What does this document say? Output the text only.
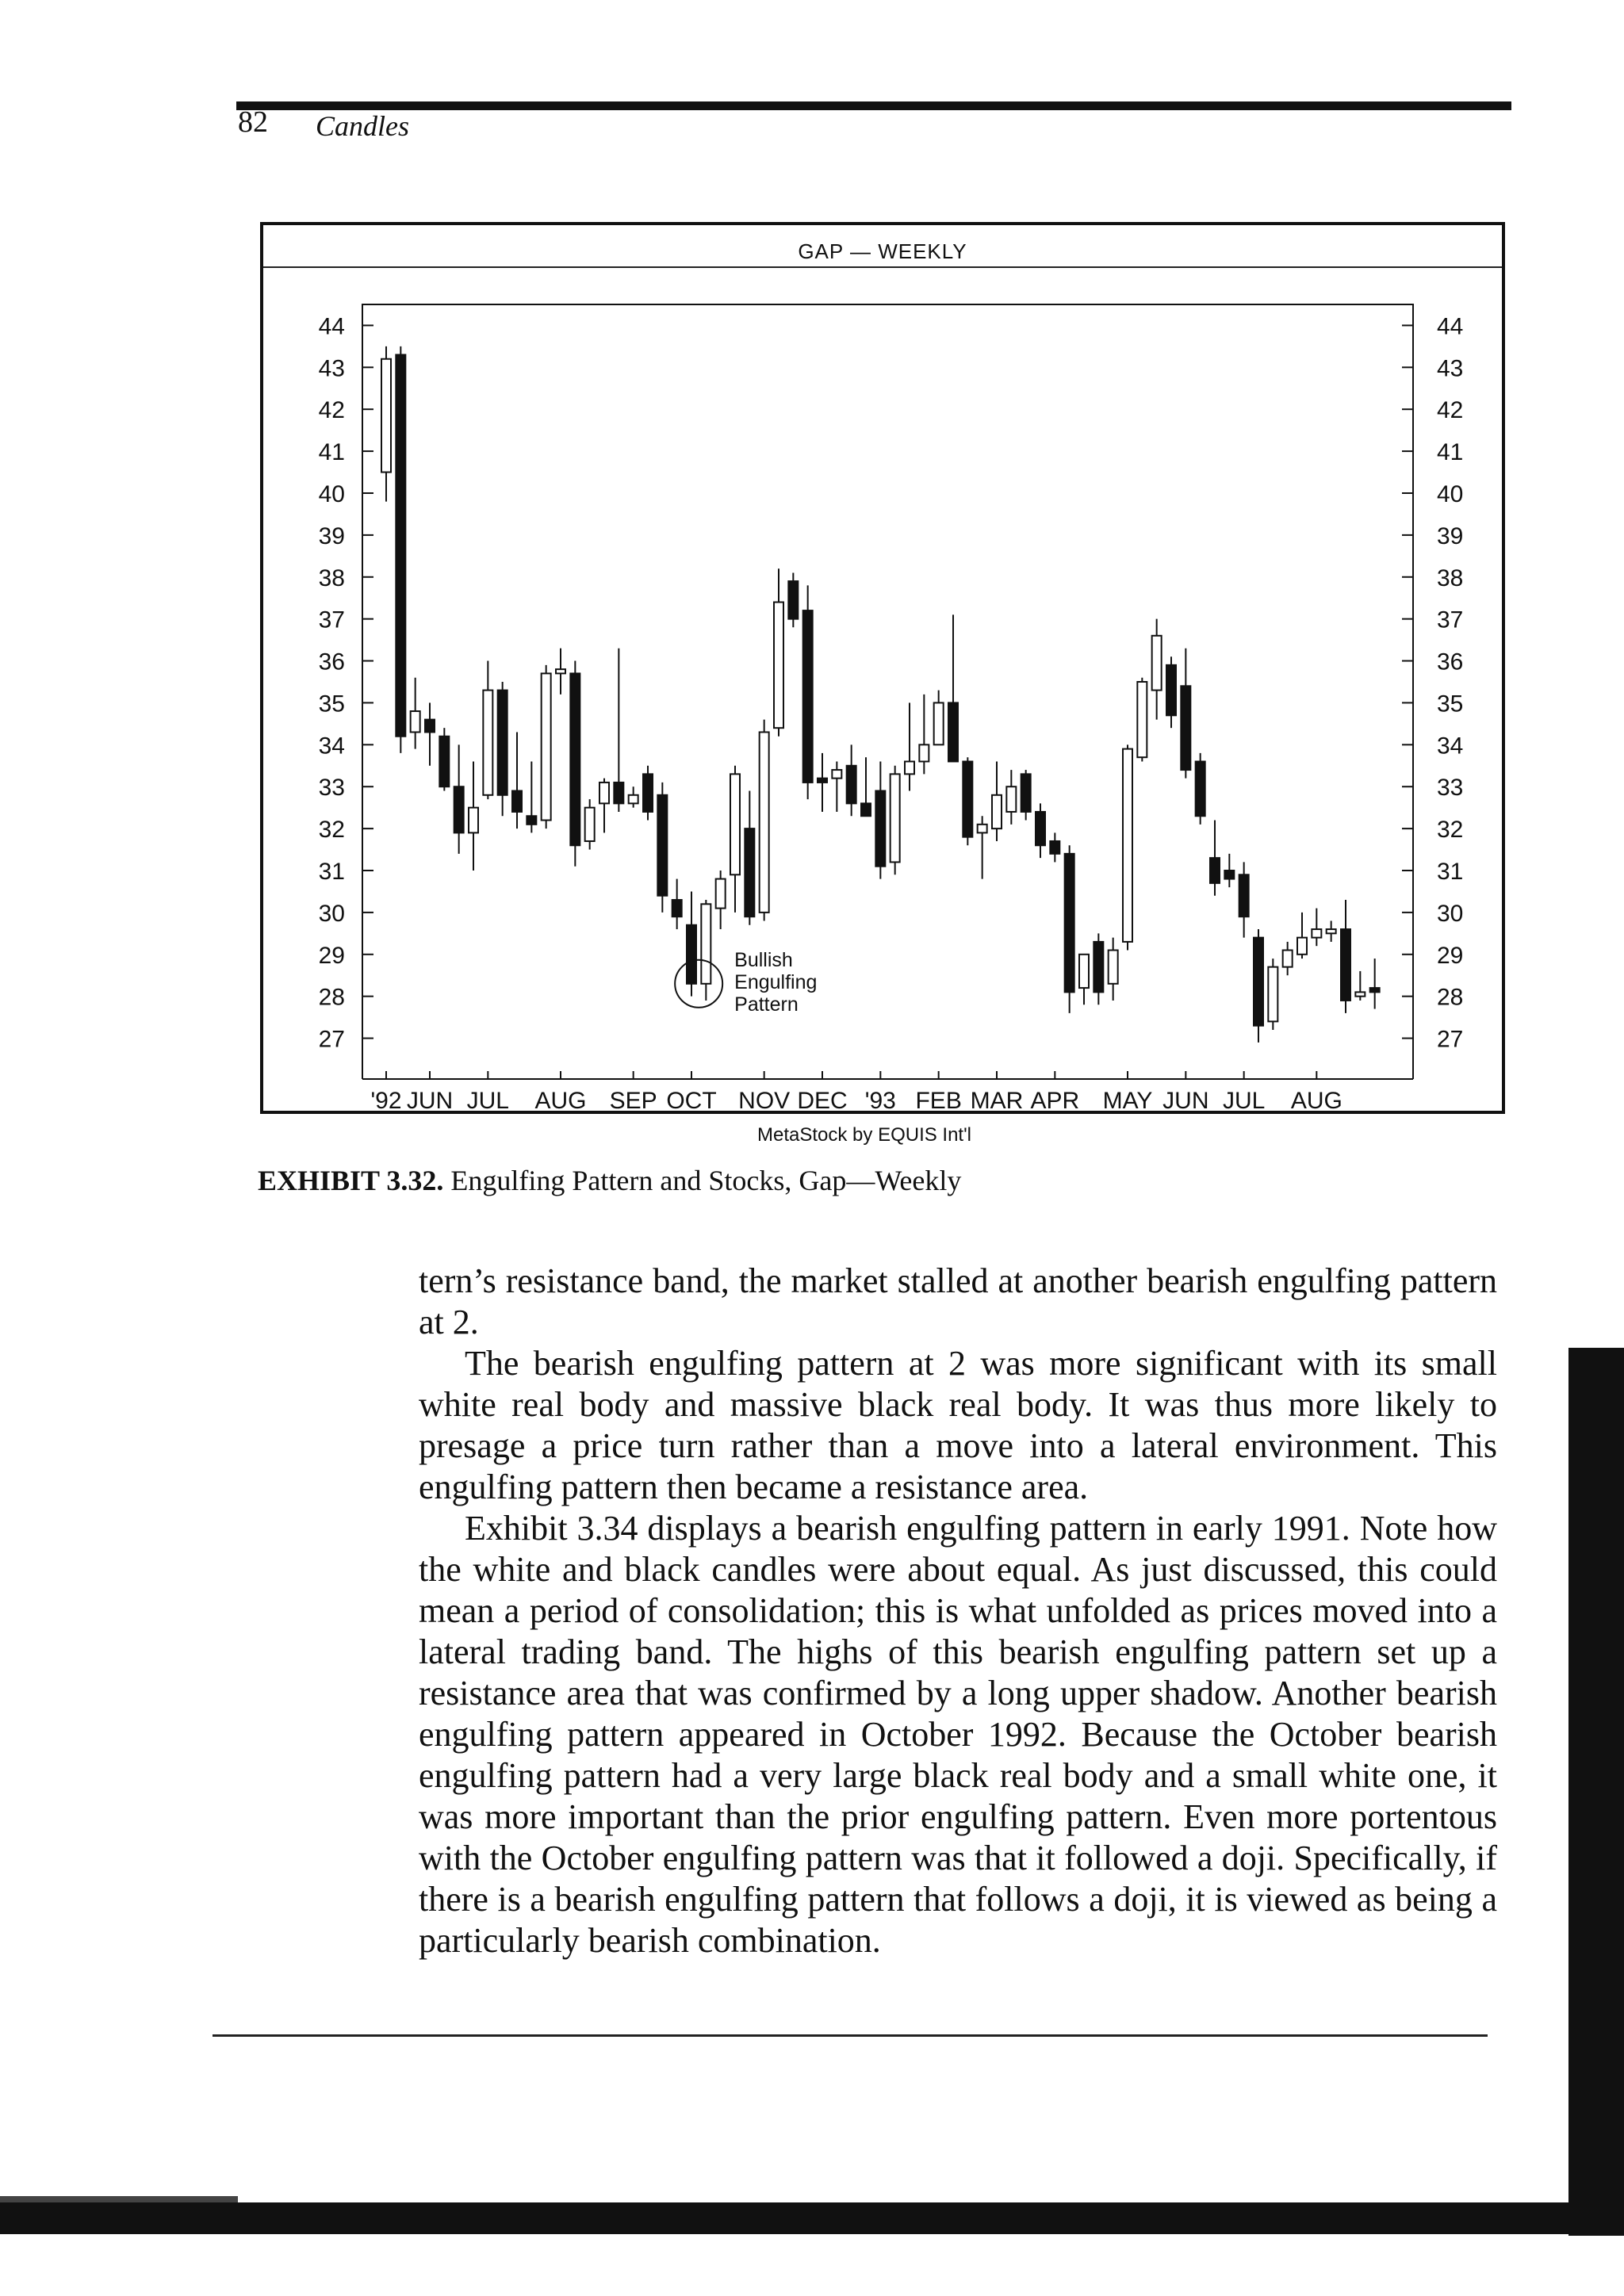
82 Candles
GAP — WEEKLY
27	27
28	28
29	29
30	30
31	31
32	32
33	33
34	34
35	35
36	36
37	37
38	38
39	39
40	40
41	41
42	42
43	43
44	44
'92 JUN JUL AUG SEP OCT NOV DEC '93 FEB MAR APR MAY JUN JUL AUG
Bullish
Engulfing
Pattern
MetaStock by EQUIS Int'l
EXHIBIT 3.32. Engulfing Pattern and Stocks, Gap—Weekly

tern’s resistance band, the market stalled at another bearish engulfing pattern at 2.

The bearish engulfing pattern at 2 was more significant with its small white real body and massive black real body. It was thus more likely to presage a price turn rather than a move into a lateral environment. This engulfing pattern then became a resistance area.

Exhibit 3.34 displays a bearish engulfing pattern in early 1991. Note how the white and black candles were about equal. As just discussed, this could mean a period of consolidation; this is what unfolded as prices moved into a lateral trading band. The highs of this bearish engulfing pattern set up a resistance area that was confirmed by a long upper shadow. Another bearish engulfing pattern appeared in October 1992. Because the October bearish engulfing pattern had a very large black real body and a small white one, it was more important than the prior engulfing pattern. Even more portentous with the October engulfing pattern was that it followed a doji. Specifically, if there is a bearish engulfing pattern that follows a doji, it is viewed as being a particularly bearish combination.
